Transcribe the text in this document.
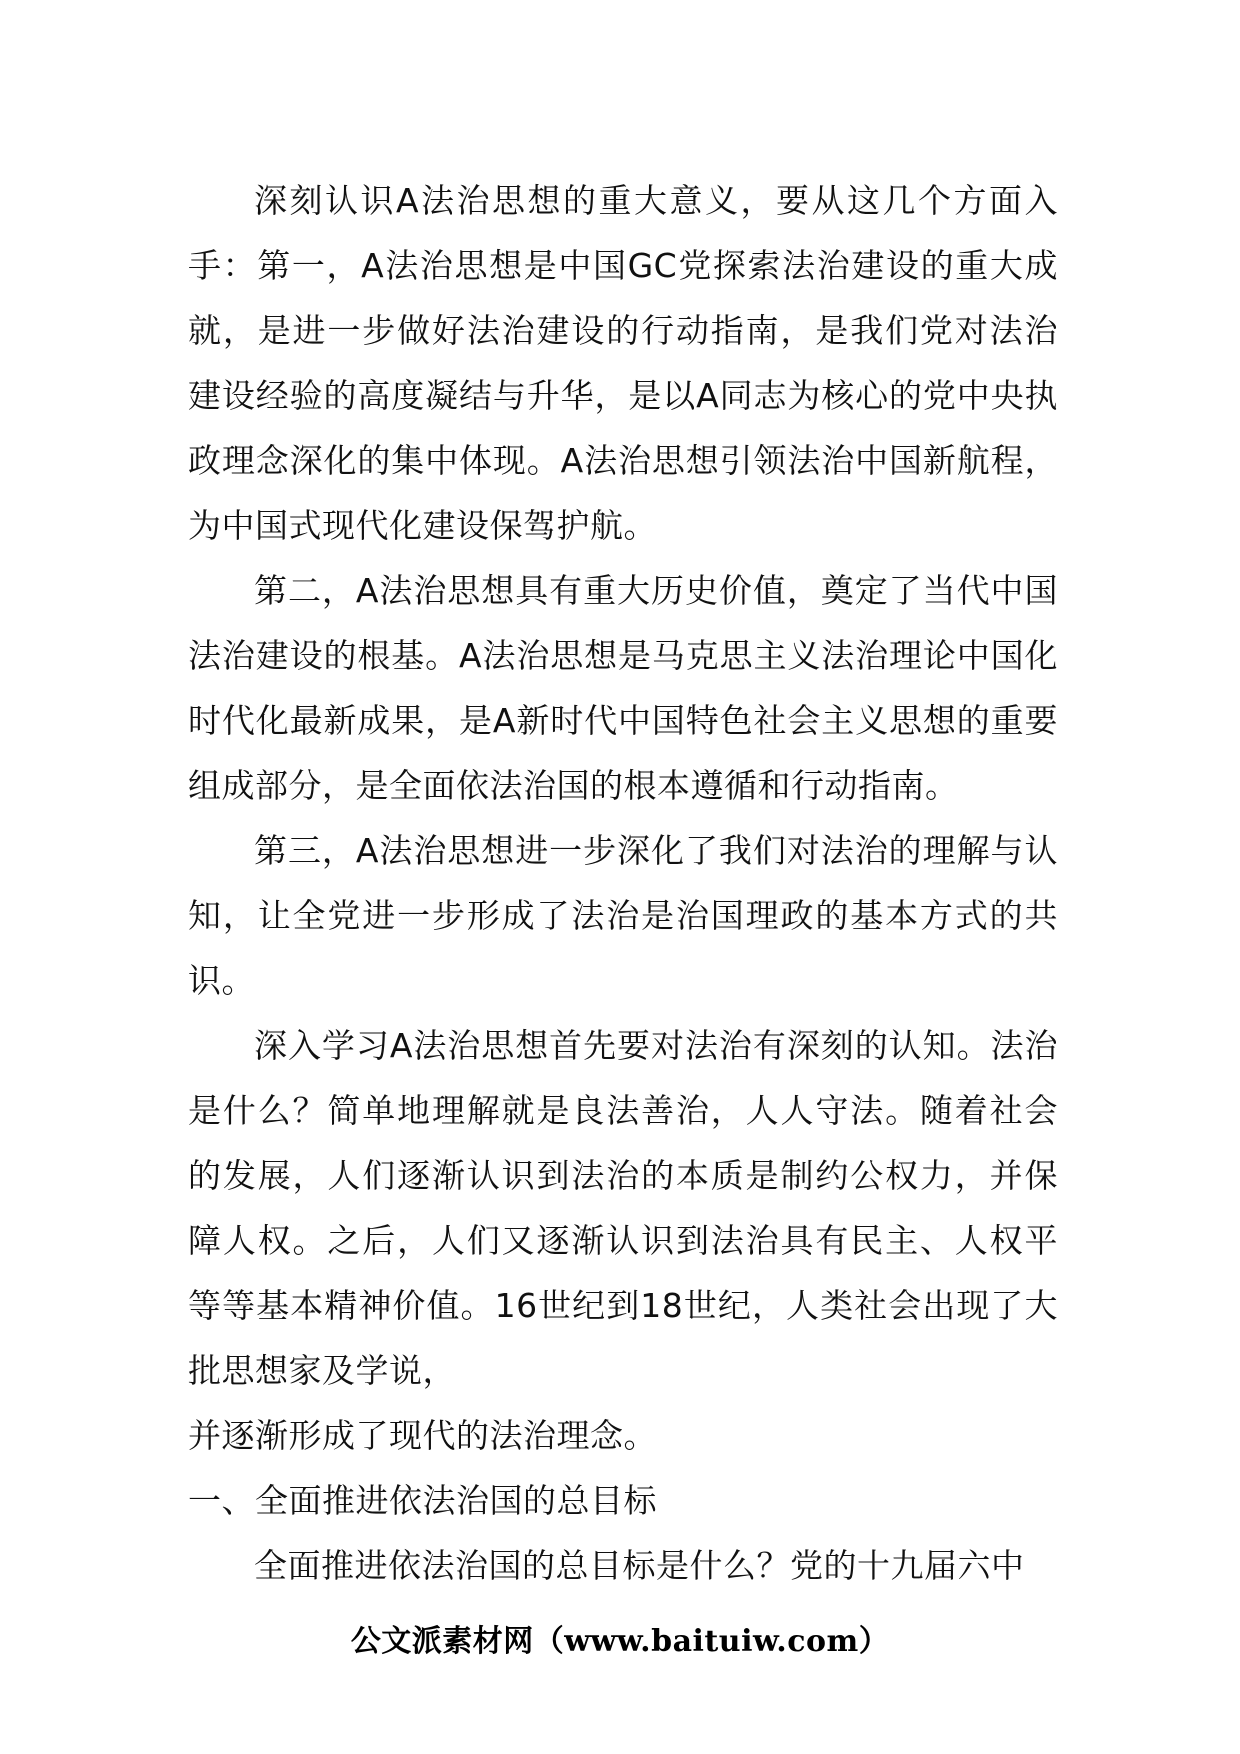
深刻认识A法治思想的重大意义，要从这几个方面入手：第一，A法治思想是中国GC党探索法治建设的重大成就，是进一步做好法治建设的行动指南，是我们党对法治建设经验的高度凝结与升华，是以A同志为核心的党中央执政理念深化的集中体现。A法治思想引领法治中国新航程，为中国式现代化建设保驾护航。

第二，A法治思想具有重大历史价值，奠定了当代中国法治建设的根基。A法治思想是马克思主义法治理论中国化时代化最新成果，是A新时代中国特色社会主义思想的重要组成部分，是全面依法治国的根本遵循和行动指南。

第三，A法治思想进一步深化了我们对法治的理解与认知，让全党进一步形成了法治是治国理政的基本方式的共识。

深入学习A法治思想首先要对法治有深刻的认知。法治是什么？简单地理解就是良法善治，人人守法。随着社会的发展，人们逐渐认识到法治的本质是制约公权力，并保障人权。之后，人们又逐渐认识到法治具有民主、人权平等等基本精神价值。16世纪到18世纪，人类社会出现了大批思想家及学说，

并逐渐形成了现代的法治理念。

一、全面推进依法治国的总目标

全面推进依法治国的总目标是什么？党的十九届六中

公文派素材网（www.baituiw.com）
